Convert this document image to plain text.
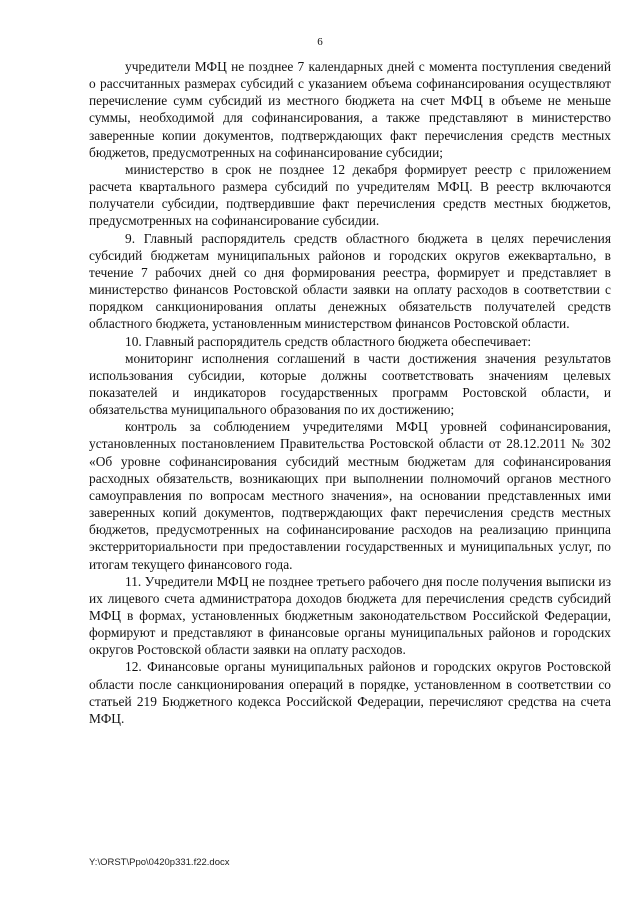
6

учредители МФЦ не позднее 7 календарных дней с момента поступления сведений о рассчитанных размерах субсидий с указанием объема софинансирования осуществляют перечисление сумм субсидий из местного бюджета на счет МФЦ в объеме не меньше суммы, необходимой для софинансирования, а также представляют в министерство заверенные копии документов, подтверждающих факт перечисления средств местных бюджетов, предусмотренных на софинансирование субсидии;

министерство в срок не позднее 12 декабря формирует реестр с приложением расчета квартального размера субсидий по учредителям МФЦ. В реестр включаются получатели субсидии, подтвердившие факт перечисления средств местных бюджетов, предусмотренных на софинансирование субсидии.

9. Главный распорядитель средств областного бюджета в целях перечисления субсидий бюджетам муниципальных районов и городских округов ежеквартально, в течение 7 рабочих дней со дня формирования реестра, формирует и представляет в министерство финансов Ростовской области заявки на оплату расходов в соответствии с порядком санкционирования оплаты денежных обязательств получателей средств областного бюджета, установленным министерством финансов Ростовской области.

10. Главный распорядитель средств областного бюджета обеспечивает:

мониторинг исполнения соглашений в части достижения значения результатов использования субсидии, которые должны соответствовать значениям целевых показателей и индикаторов государственных программ Ростовской области, и обязательства муниципального образования по их достижению;

контроль за соблюдением учредителями МФЦ уровней софинансирования, установленных постановлением Правительства Ростовской области от 28.12.2011 № 302 «Об уровне софинансирования субсидий местным бюджетам для софинансирования расходных обязательств, возникающих при выполнении полномочий органов местного самоуправления по вопросам местного значения», на основании представленных ими заверенных копий документов, подтверждающих факт перечисления средств местных бюджетов, предусмотренных на софинансирование расходов на реализацию принципа экстерриториальности при предоставлении государственных и муниципальных услуг, по итогам текущего финансового года.

11. Учредители МФЦ не позднее третьего рабочего дня после получения выписки из их лицевого счета администратора доходов бюджета для перечисления средств субсидий МФЦ в формах, установленных бюджетным законодательством Российской Федерации, формируют и представляют в финансовые органы муниципальных районов и городских округов Ростовской области заявки на оплату расходов.

12. Финансовые органы муниципальных районов и городских округов Ростовской области после санкционирования операций в порядке, установленном в соответствии со статьей 219 Бюджетного кодекса Российской Федерации, перечисляют средства на счета МФЦ.

Y:\ORST\Ppo\0420p331.f22.docx
